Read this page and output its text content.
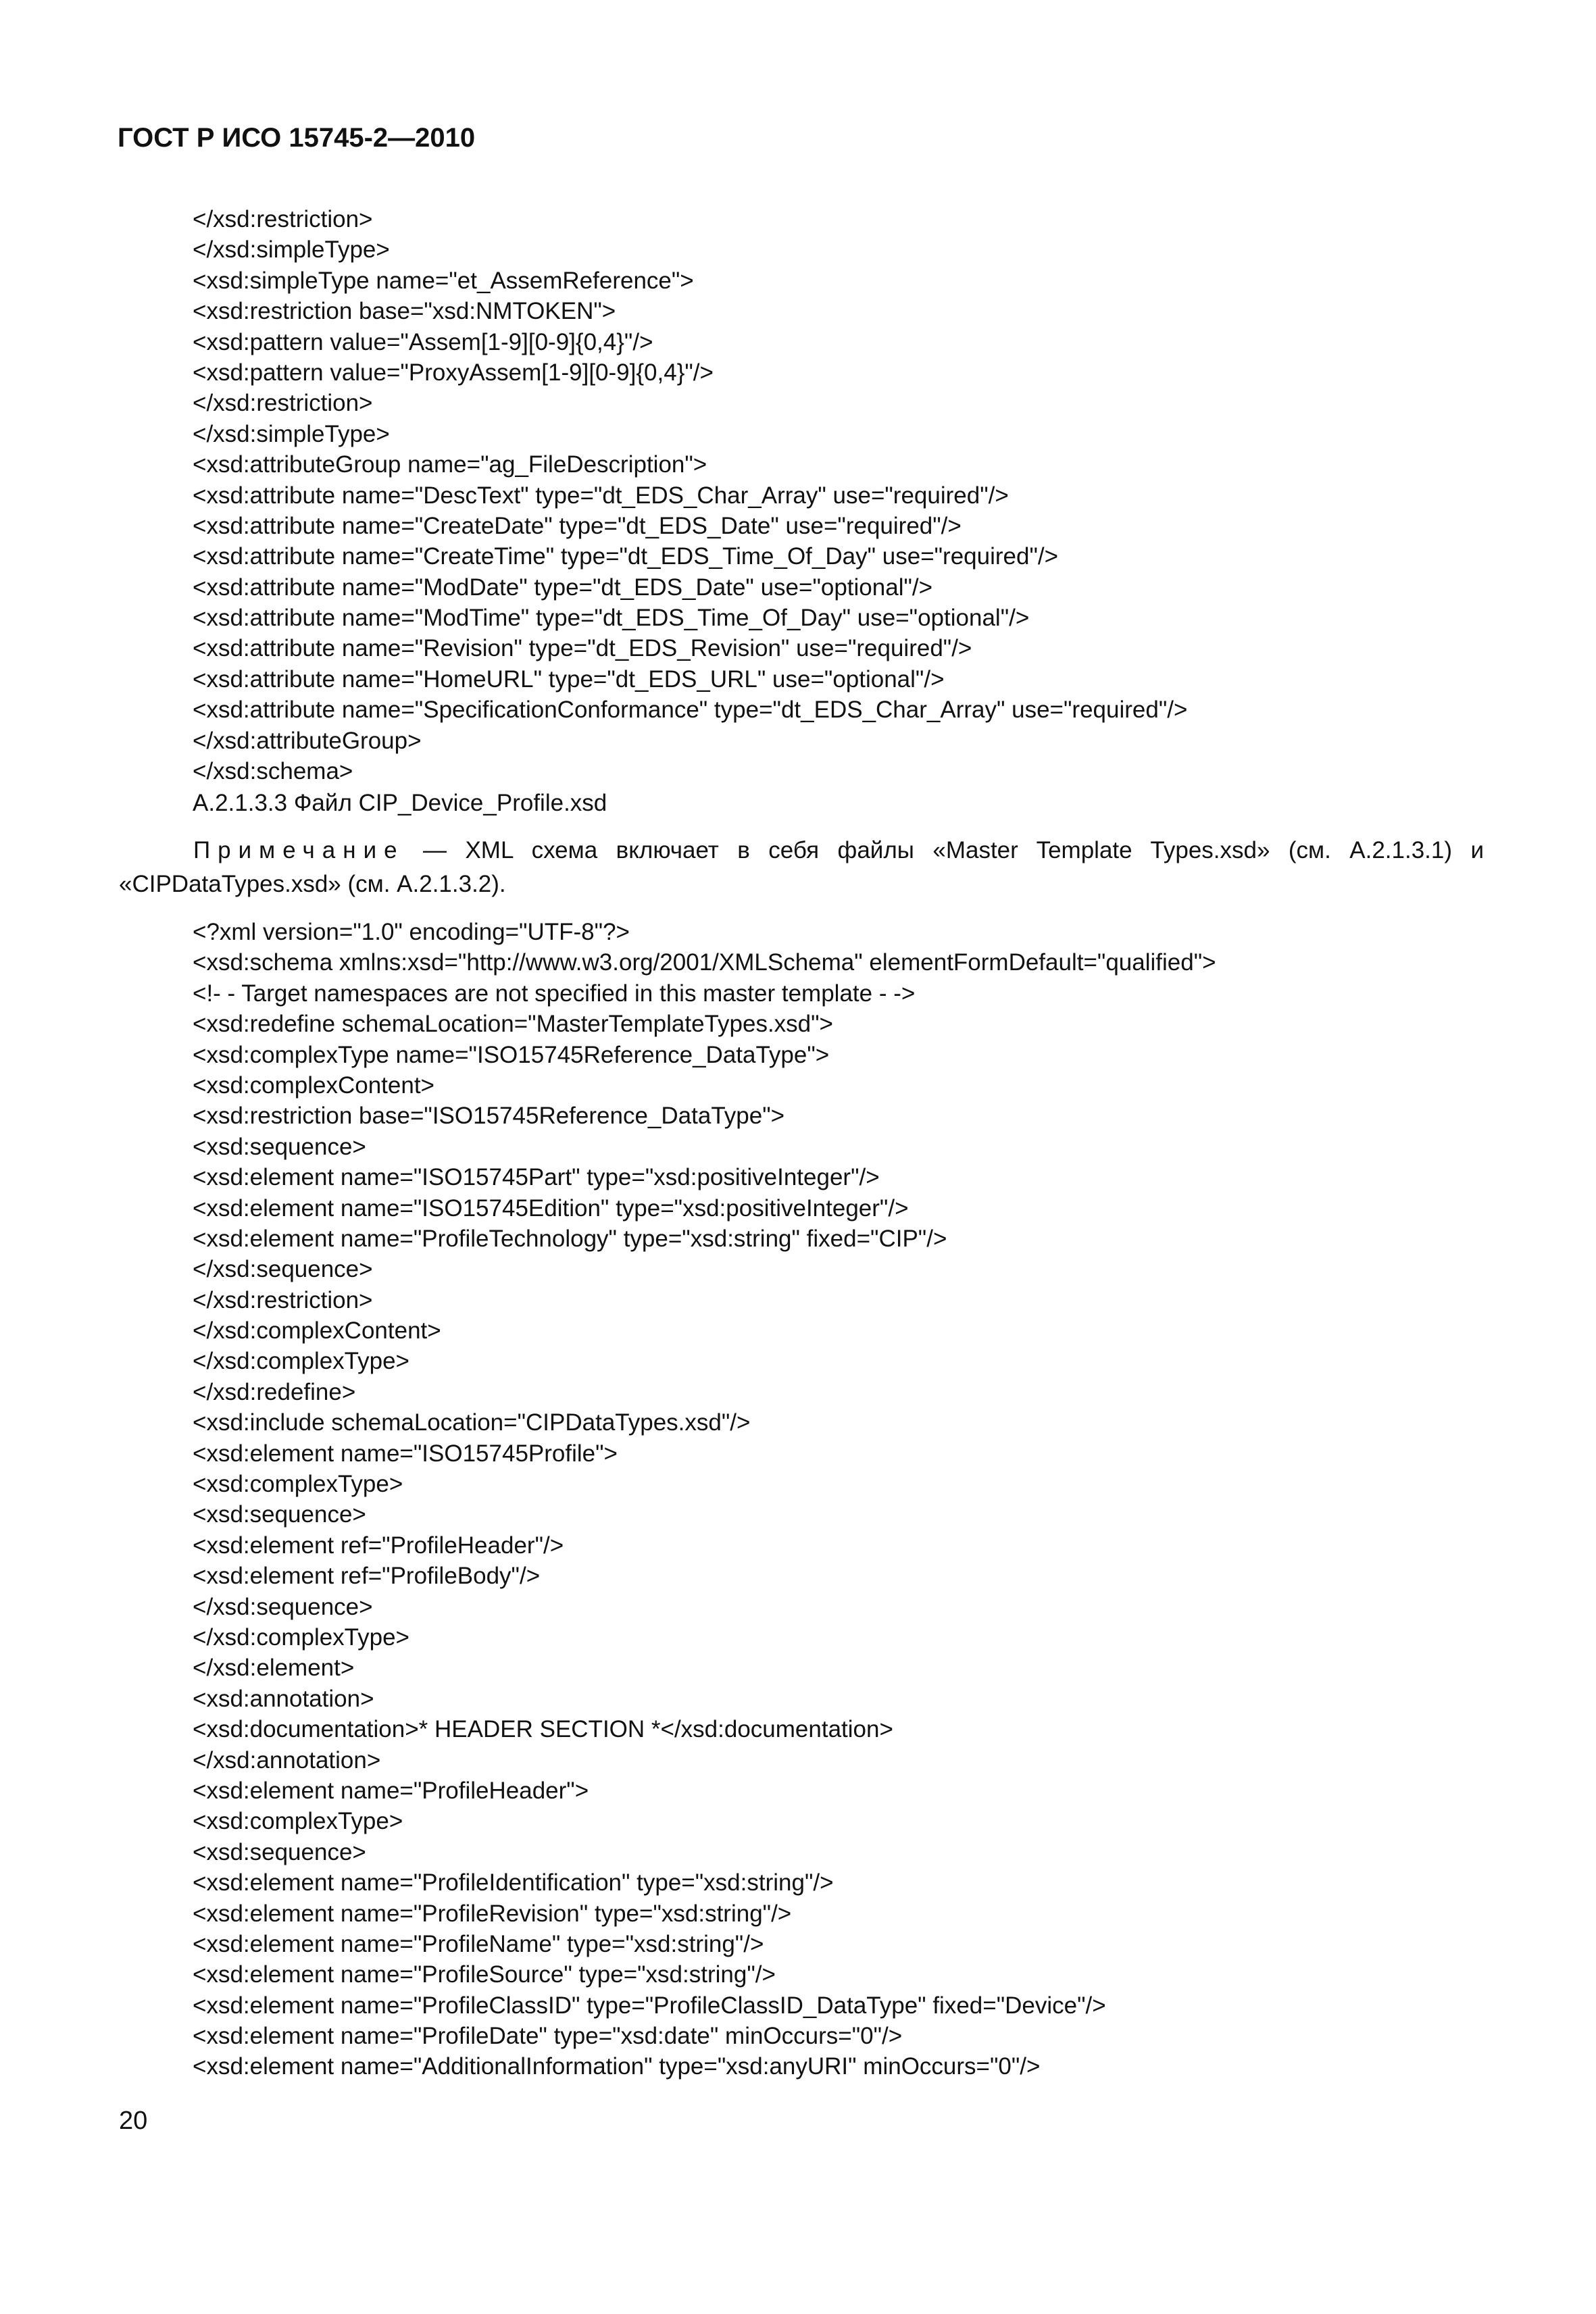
ГОСТ Р ИСО 15745-2—2010
</xsd:restriction>
</xsd:simpleType>
<xsd:simpleType name="et_AssemReference">
<xsd:restriction base="xsd:NMTOKEN">
<xsd:pattern value="Assem[1-9][0-9]{0,4}"/>
<xsd:pattern value="ProxyAssem[1-9][0-9]{0,4}"/>
</xsd:restriction>
</xsd:simpleType>
<xsd:attributeGroup name="ag_FileDescription">
<xsd:attribute name="DescText" type="dt_EDS_Char_Array" use="required"/>
<xsd:attribute name="CreateDate" type="dt_EDS_Date" use="required"/>
<xsd:attribute name="CreateTime" type="dt_EDS_Time_Of_Day" use="required"/>
<xsd:attribute name="ModDate" type="dt_EDS_Date" use="optional"/>
<xsd:attribute name="ModTime" type="dt_EDS_Time_Of_Day" use="optional"/>
<xsd:attribute name="Revision" type="dt_EDS_Revision" use="required"/>
<xsd:attribute name="HomeURL" type="dt_EDS_URL" use="optional"/>
<xsd:attribute name="SpecificationConformance" type="dt_EDS_Char_Array" use="required"/>
</xsd:attributeGroup>
</xsd:schema>
A.2.1.3.3 Файл CIP_Device_Profile.xsd
Примечание — XML схема включает в себя файлы «Master Template Types.xsd» (см. A.2.1.3.1) и «CIPDataTypes.xsd» (см. A.2.1.3.2).
<?xml version="1.0" encoding="UTF-8"?>
<xsd:schema xmlns:xsd="http://www.w3.org/2001/XMLSchema" elementFormDefault="qualified">
<!- - Target namespaces are not specified in this master template - ->
<xsd:redefine schemaLocation="MasterTemplateTypes.xsd">
<xsd:complexType name="ISO15745Reference_DataType">
<xsd:complexContent>
<xsd:restriction base="ISO15745Reference_DataType">
<xsd:sequence>
<xsd:element name="ISO15745Part" type="xsd:positiveInteger"/>
<xsd:element name="ISO15745Edition" type="xsd:positiveInteger"/>
<xsd:element name="ProfileTechnology" type="xsd:string" fixed="CIP"/>
</xsd:sequence>
</xsd:restriction>
</xsd:complexContent>
</xsd:complexType>
</xsd:redefine>
<xsd:include schemaLocation="CIPDataTypes.xsd"/>
<xsd:element name="ISO15745Profile">
<xsd:complexType>
<xsd:sequence>
<xsd:element ref="ProfileHeader"/>
<xsd:element ref="ProfileBody"/>
</xsd:sequence>
</xsd:complexType>
</xsd:element>
<xsd:annotation>
<xsd:documentation>* HEADER SECTION *</xsd:documentation>
</xsd:annotation>
<xsd:element name="ProfileHeader">
<xsd:complexType>
<xsd:sequence>
<xsd:element name="ProfileIdentification" type="xsd:string"/>
<xsd:element name="ProfileRevision" type="xsd:string"/>
<xsd:element name="ProfileName" type="xsd:string"/>
<xsd:element name="ProfileSource" type="xsd:string"/>
<xsd:element name="ProfileClassID" type="ProfileClassID_DataType" fixed="Device"/>
<xsd:element name="ProfileDate" type="xsd:date" minOccurs="0"/>
<xsd:element name="AdditionalInformation" type="xsd:anyURI" minOccurs="0"/>
20
